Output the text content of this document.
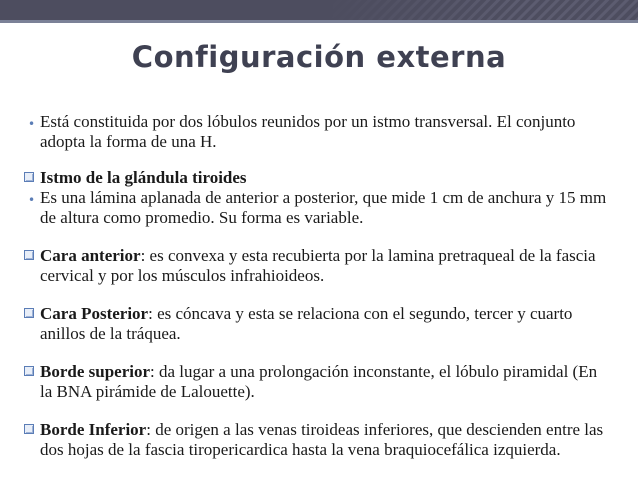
Configuración externa
• Está constituida por dos lóbulos reunidos por un istmo transversal. El conjunto adopta la forma de una H.
Istmo de la glándula tiroides
• Es una lámina aplanada de anterior a posterior, que mide 1 cm de anchura y 15 mm de altura como promedio. Su forma es variable.
Cara anterior: es convexa y esta recubierta por la lamina pretraqueal de la fascia cervical y por los músculos infrahioideos.
Cara Posterior: es cóncava y esta se relaciona con el segundo, tercer y cuarto anillos de la tráquea.
Borde superior: da lugar a una prolongación inconstante, el lóbulo piramidal (En la BNA pirámide de Lalouette).
Borde Inferior: de origen a las venas tiroideas inferiores, que descienden entre las dos hojas de la fascia tiropericardica hasta la vena braquiocefálica izquierda.
